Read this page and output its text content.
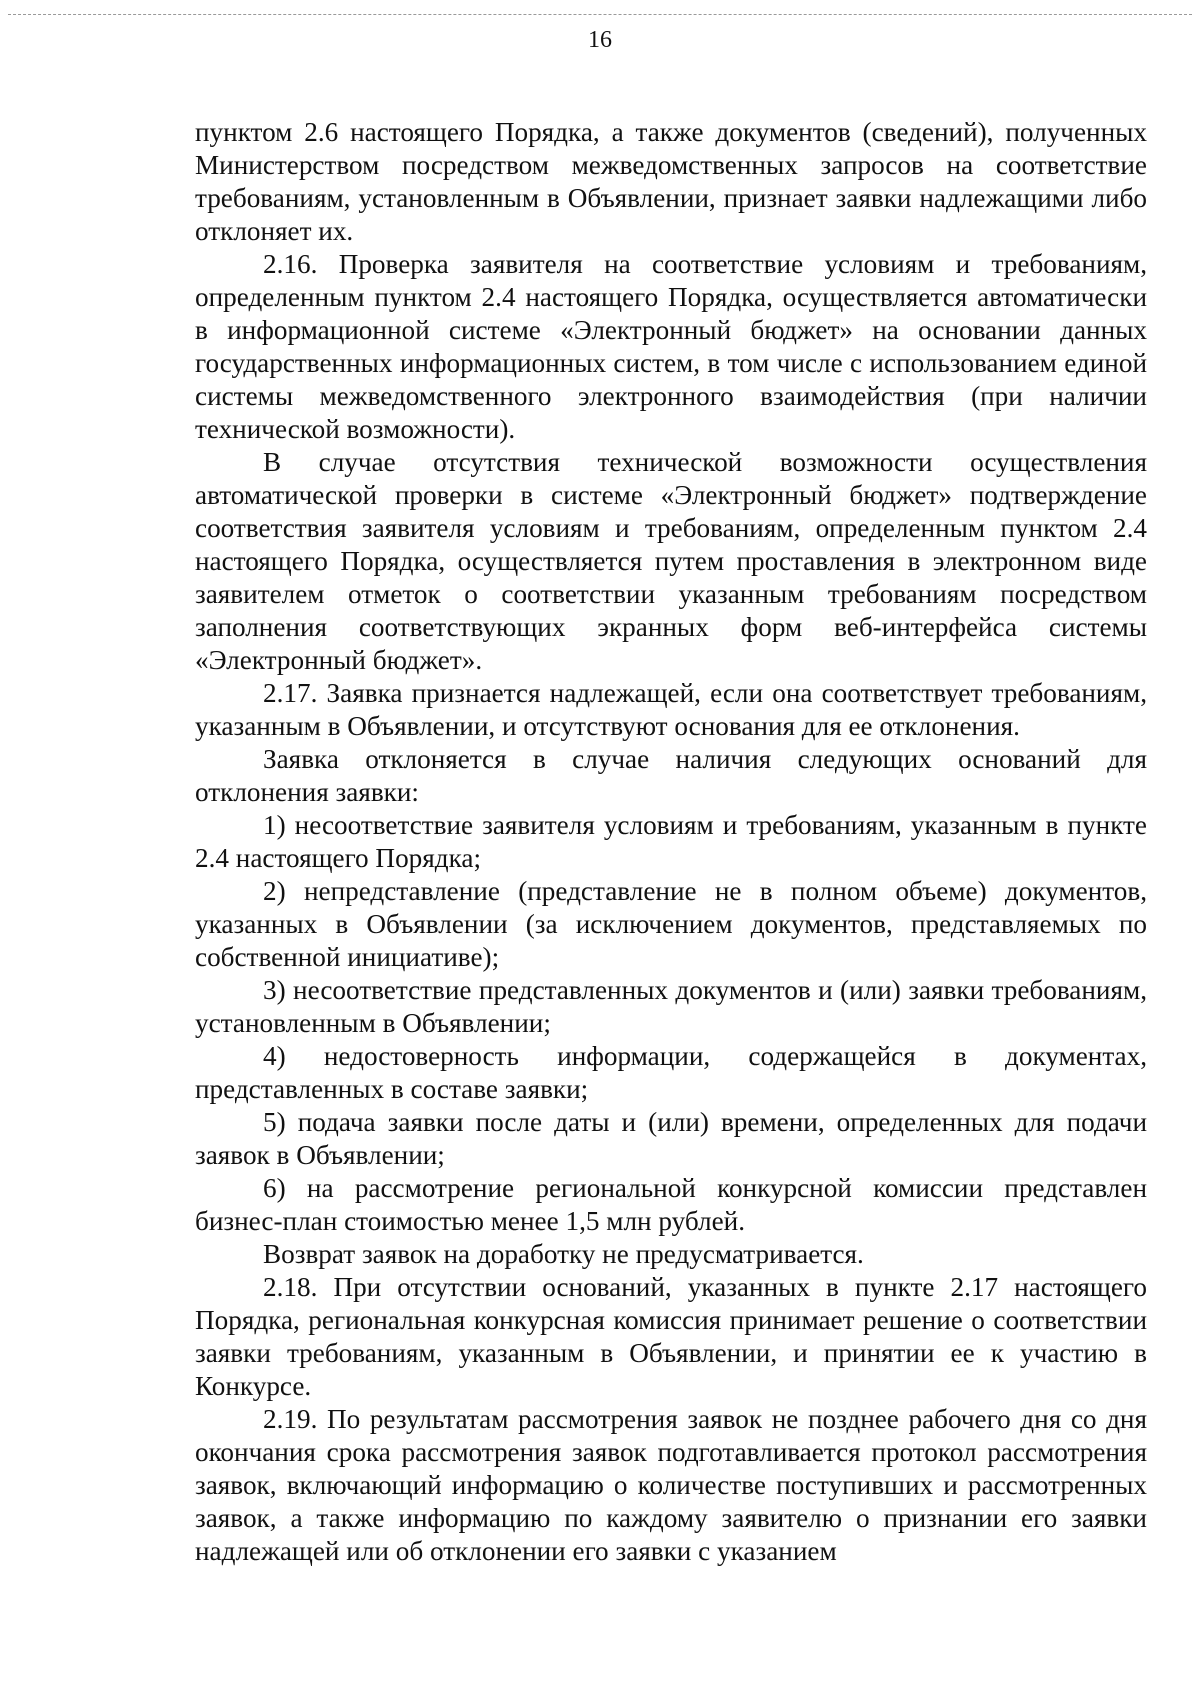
16

пунктом 2.6 настоящего Порядка, а также документов (сведений), полученных Министерством посредством межведомственных запросов на соответствие требованиям, установленным в Объявлении, признает заявки надлежащими либо отклоняет их.

2.16. Проверка заявителя на соответствие условиям и требованиям, определенным пунктом 2.4 настоящего Порядка, осуществляется автоматически в информационной системе «Электронный бюджет» на основании данных государственных информационных систем, в том числе с использованием единой системы межведомственного электронного взаимодействия (при наличии технической возможности).

В случае отсутствия технической возможности осуществления автоматической проверки в системе «Электронный бюджет» подтверждение соответствия заявителя условиям и требованиям, определенным пунктом 2.4 настоящего Порядка, осуществляется путем проставления в электронном виде заявителем отметок о соответствии указанным требованиям посредством заполнения соответствующих экранных форм веб-интерфейса системы «Электронный бюджет».

2.17. Заявка признается надлежащей, если она соответствует требованиям, указанным в Объявлении, и отсутствуют основания для ее отклонения.

Заявка отклоняется в случае наличия следующих оснований для отклонения заявки:

1) несоответствие заявителя условиям и требованиям, указанным в пункте 2.4 настоящего Порядка;

2) непредставление (представление не в полном объеме) документов, указанных в Объявлении (за исключением документов, представляемых по собственной инициативе);

3) несоответствие представленных документов и (или) заявки требованиям, установленным в Объявлении;

4) недостоверность информации, содержащейся в документах, представленных в составе заявки;

5) подача заявки после даты и (или) времени, определенных для подачи заявок в Объявлении;

6) на рассмотрение региональной конкурсной комиссии представлен бизнес-план стоимостью менее 1,5 млн рублей.

Возврат заявок на доработку не предусматривается.

2.18. При отсутствии оснований, указанных в пункте 2.17 настоящего Порядка, региональная конкурсная комиссия принимает решение о соответствии заявки требованиям, указанным в Объявлении, и принятии ее к участию в Конкурсе.

2.19. По результатам рассмотрения заявок не позднее рабочего дня со дня окончания срока рассмотрения заявок подготавливается протокол рассмотрения заявок, включающий информацию о количестве поступивших и рассмотренных заявок, а также информацию по каждому заявителю о признании его заявки надлежащей или об отклонении его заявки с указанием
